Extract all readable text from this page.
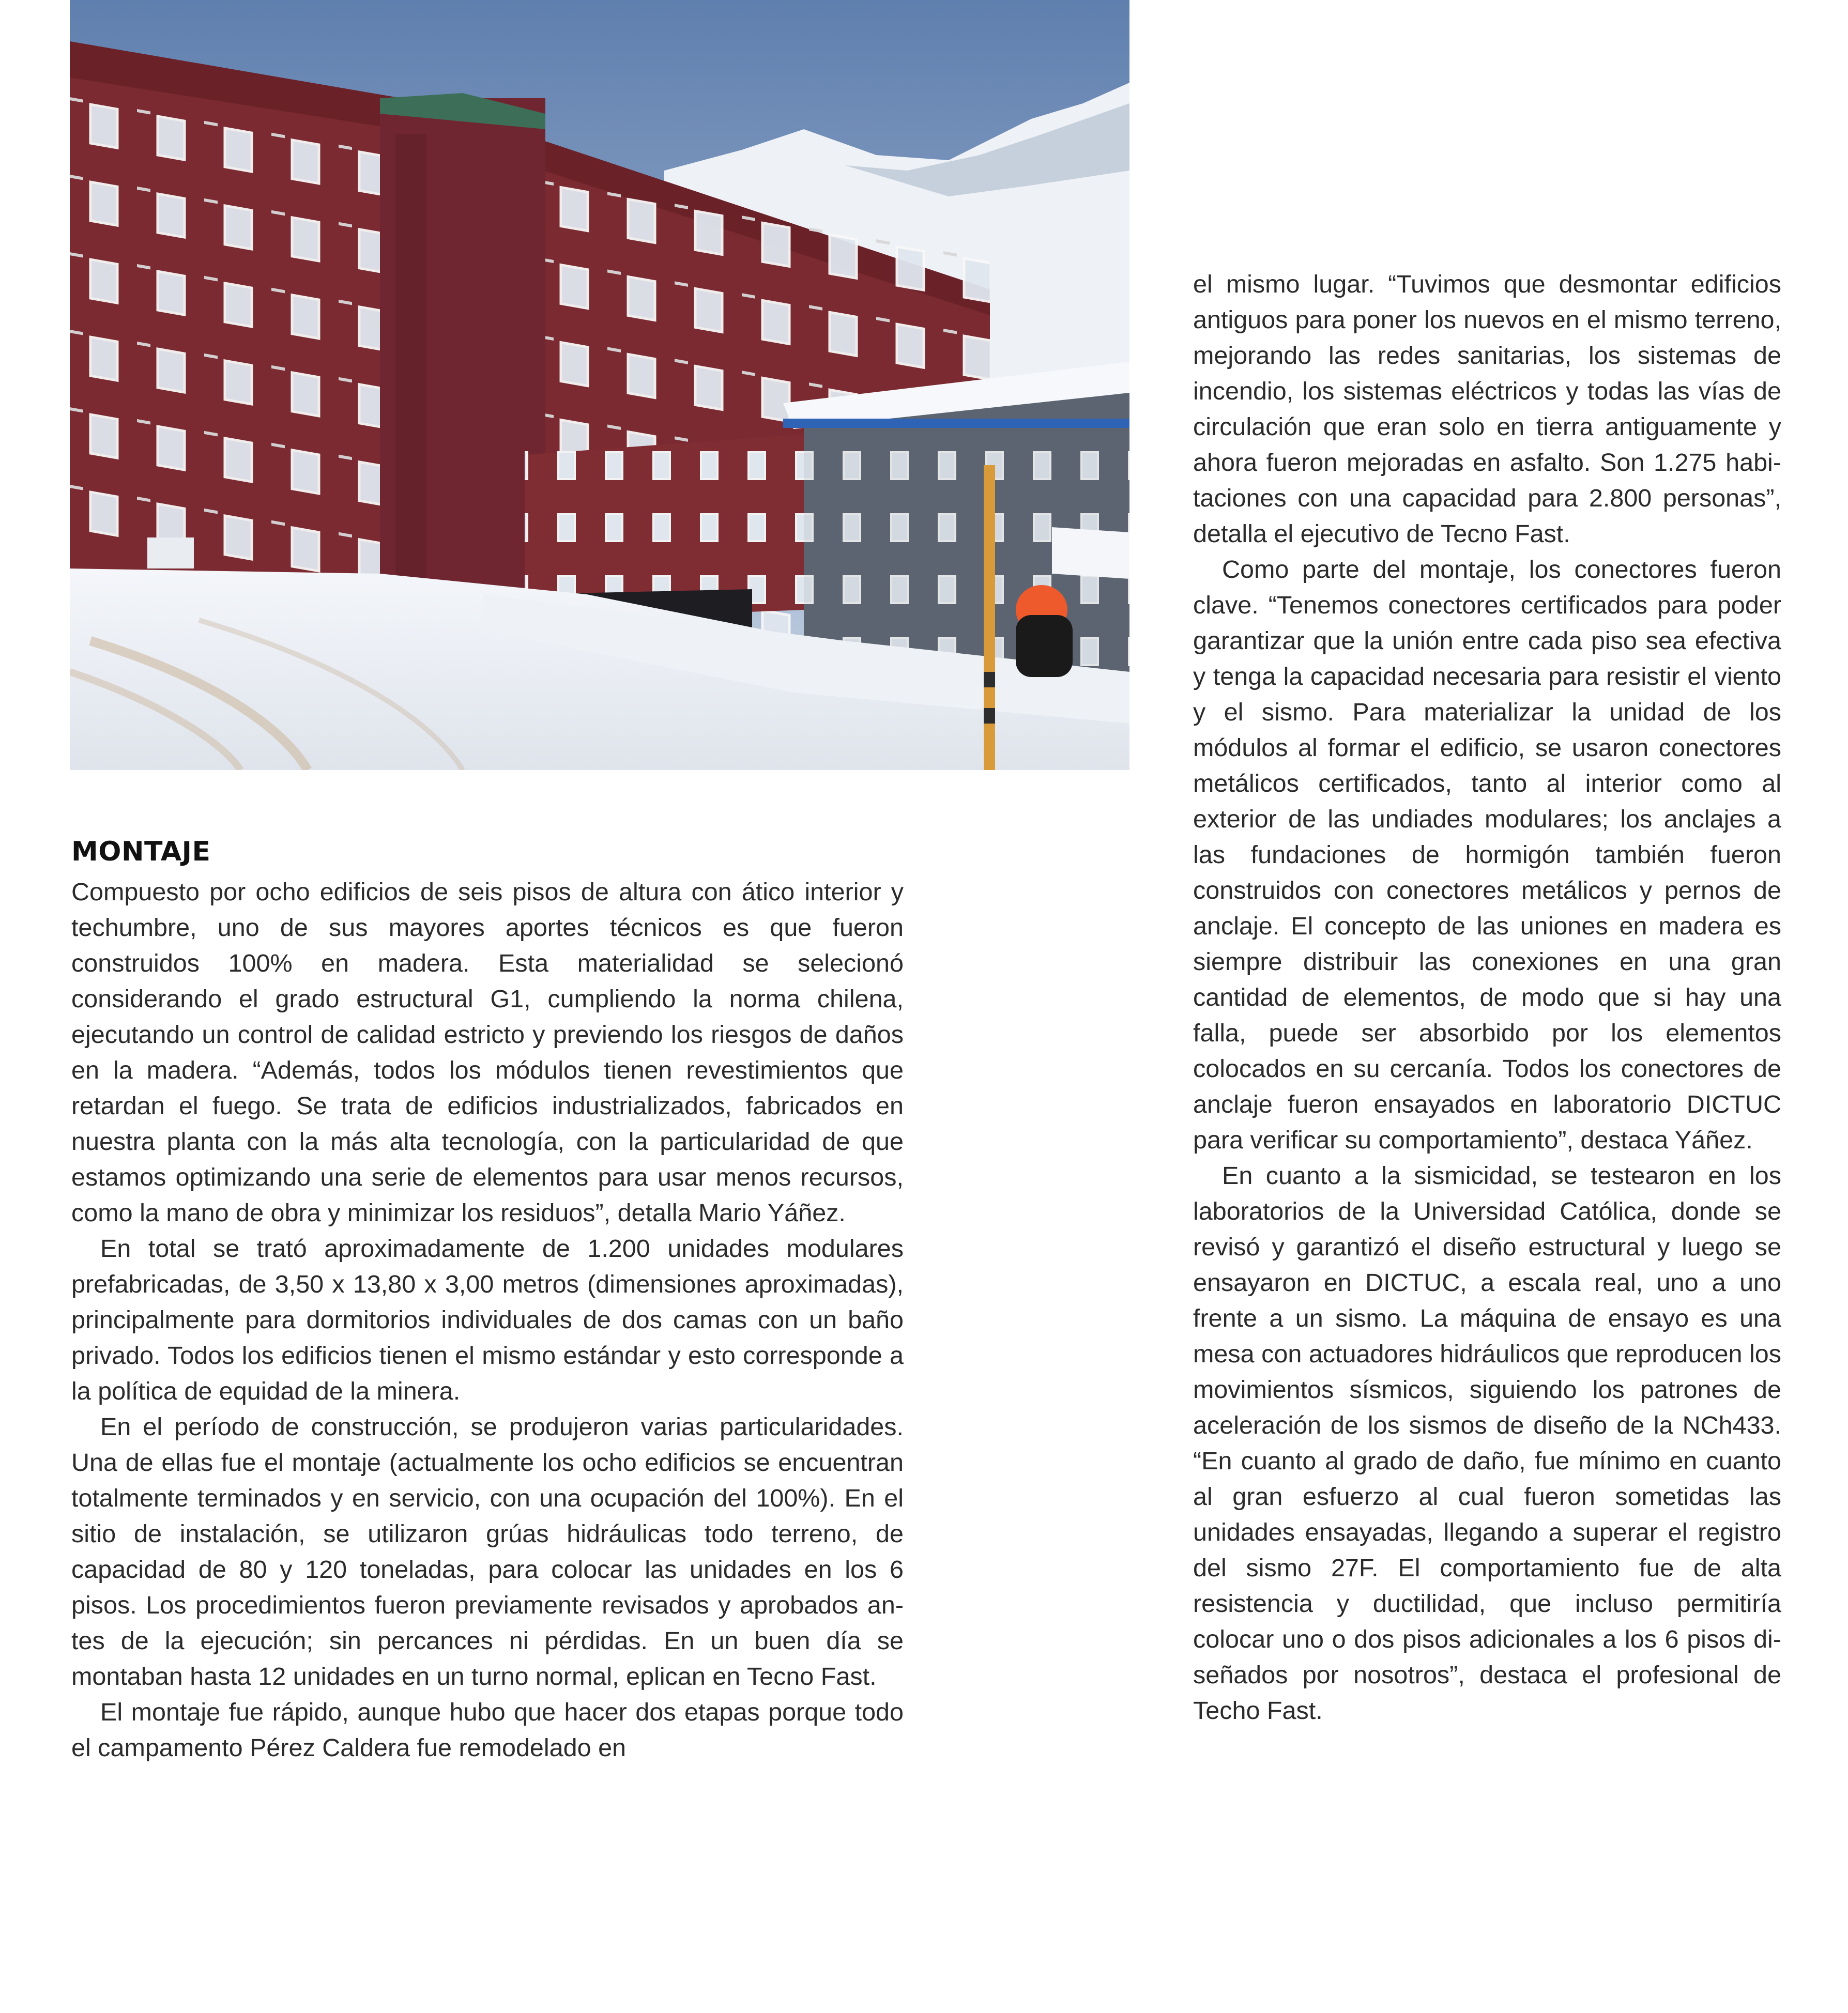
MONTAJE

Compuesto por ocho edificios de seis pisos de altura con ático interior y techumbre, uno de sus mayores aportes técnicos es que fueron construidos 100% en madera. Esta materialidad se selecionó considerando el grado estructural G1, cumpliendo la norma chilena, ejecutando un control de calidad estricto y previendo los riesgos de daños en la madera. “Además, todos los módulos tienen revestimientos que retardan el fuego. Se trata de edificios industrializados, fabricados en nuestra planta con la más alta tecnología, con la particularidad de que estamos optimizando una serie de elementos para usar menos recursos, como la mano de obra y minimizar los residuos”, detalla Mario Yáñez.

En total se trató aproximadamente de 1.200 unidades modulares prefabricadas, de 3,50 x 13,80 x 3,00 metros (dimensiones aproximadas), principalmente para dormitorios individuales de dos camas con un baño privado. Todos los edificios tienen el mismo estándar y esto corresponde a la política de equidad de la minera.

En el período de construcción, se produjeron varias particularidades. Una de ellas fue el montaje (actualmente los ocho edificios se encuentran totalmente terminados y en servicio, con una ocupación del 100%). En el sitio de instalación, se utilizaron grúas hidráulicas todo terreno, de capacidad de 80 y 120 toneladas, para colocar las unidades en los 6 pisos. Los procedimientos fueron previamente revisados y aprobados antes de la ejecución; sin percances ni pérdidas. En un buen día se montaban hasta 12 unidades en un turno normal, eplican en Tecno Fast.

El montaje fue rápido, aunque hubo que hacer dos etapas porque todo el campamento Pérez Caldera fue remodelado en

el mismo lugar. “Tuvimos que desmontar edificios antiguos para poner los nuevos en el mismo terreno, mejorando las redes sanitarias, los sistemas de incendio, los sistemas eléctricos y todas las vías de circulación que eran solo en tierra antiguamente y ahora fueron mejoradas en asfalto. Son 1.275 habitaciones con una capacidad para 2.800 personas”, detalla el ejecutivo de Tecno Fast.

Como parte del montaje, los conectores fueron clave. “Tenemos conectores certificados para poder garantizar que la unión entre cada piso sea efectiva y tenga la capacidad necesaria para resistir el viento y el sismo. Para materializar la unidad de los módulos al formar el edificio, se usaron conectores metálicos certificados, tanto al interior como al exterior de las undiades modulares; los anclajes a las fundaciones de hormigón también fueron construidos con conectores metálicos y pernos de anclaje. El concepto de las uniones en madera es siempre distribuir las conexiones en una gran cantidad de elementos, de modo que si hay una falla, puede ser absorbido por los elementos colocados en su cercanía. Todos los conectores de anclaje fueron ensayados en laboratorio DICTUC para verificar su comportamiento”, destaca Yáñez.

En cuanto a la sismicidad, se testearon en los laboratorios de la Universidad Católica, donde se revisó y garantizó el diseño estructural y luego se ensayaron en DICTUC, a escala real, uno a uno frente a un sismo. La máquina de ensayo es una mesa con actuadores hidráulicos que reproducen los movimientos sísmicos, siguiendo los patrones de aceleración de los sismos de diseño de la NCh433. “En cuanto al grado de daño, fue mínimo en cuanto al gran esfuerzo al cual fueron sometidas las unidades ensayadas, llegando a superar el registro del sismo 27F. El comportamiento fue de alta resistencia y ductilidad, que incluso permitiría colocar uno o dos pisos adicionales a los 6 pisos diseñados por nosotros”, destaca el profesional de Techo Fast.
